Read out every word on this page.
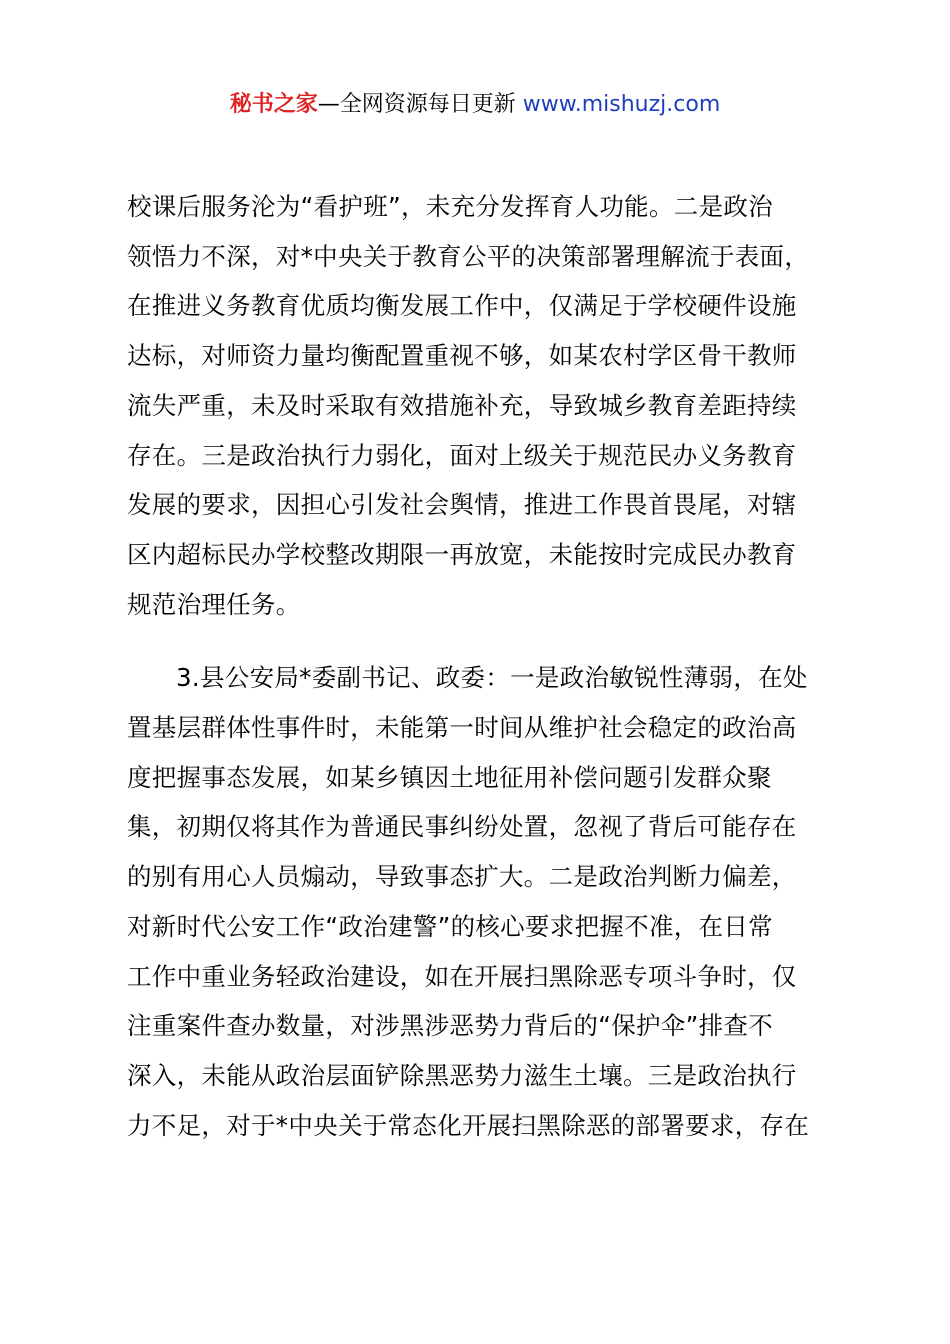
秘书之家—全网资源每日更新 www.mishuzj.com

校课后服务沦为“看护班”，未充分发挥育人功能。二是政治
领悟力不深，对*中央关于教育公平的决策部署理解流于表面，
在推进义务教育优质均衡发展工作中，仅满足于学校硬件设施
达标，对师资力量均衡配置重视不够，如某农村学区骨干教师
流失严重，未及时采取有效措施补充，导致城乡教育差距持续
存在。三是政治执行力弱化，面对上级关于规范民办义务教育
发展的要求，因担心引发社会舆情，推进工作畏首畏尾，对辖
区内超标民办学校整改期限一再放宽，未能按时完成民办教育
规范治理任务。

3.县公安局*委副书记、政委：一是政治敏锐性薄弱，在处
置基层群体性事件时，未能第一时间从维护社会稳定的政治高
度把握事态发展，如某乡镇因土地征用补偿问题引发群众聚
集，初期仅将其作为普通民事纠纷处置，忽视了背后可能存在
的别有用心人员煽动，导致事态扩大。二是政治判断力偏差，
对新时代公安工作“政治建警”的核心要求把握不准，在日常
工作中重业务轻政治建设，如在开展扫黑除恶专项斗争时，仅
注重案件查办数量，对涉黑涉恶势力背后的“保护伞”排查不
深入，未能从政治层面铲除黑恶势力滋生土壤。三是政治执行
力不足，对于*中央关于常态化开展扫黑除恶的部署要求，存在
